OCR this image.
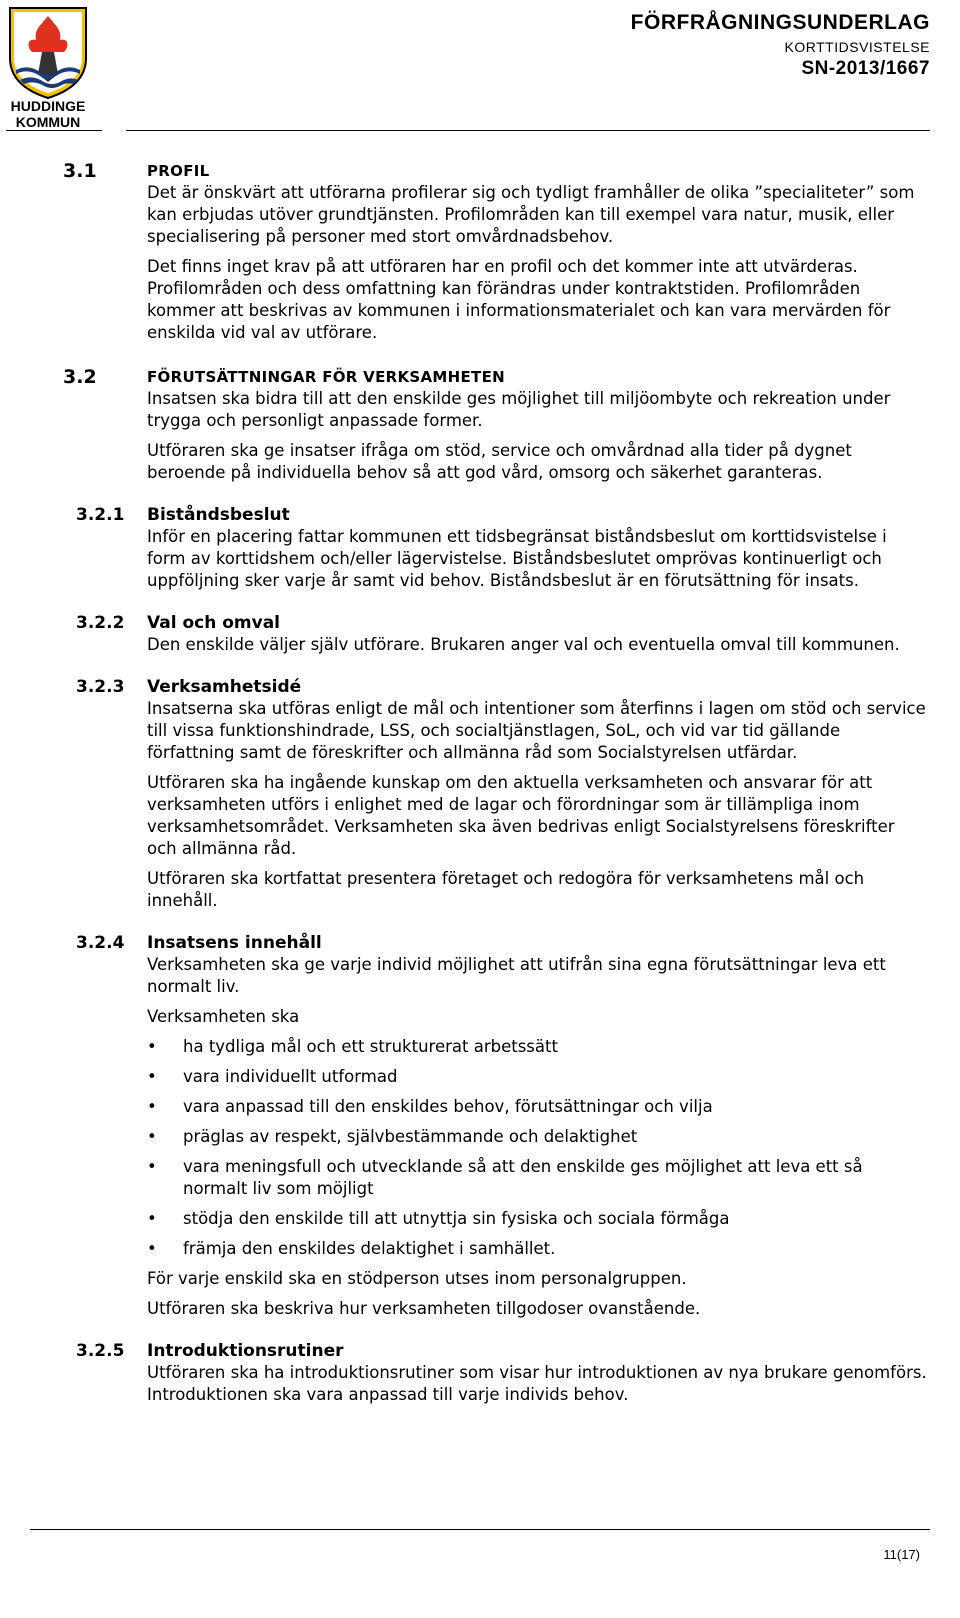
HUDDINGE
KOMMUN
FÖRFRÅGNINGSUNDERLAG
KORTTIDSVISTELSE
SN-2013/1667
3.1	PROFIL

Det är önskvärt att utförarna profilerar sig och tydligt framhåller de olika ”specialiteter” som kan erbjudas utöver grundtjänsten. Profilområden kan till exempel vara natur, musik, eller specialisering på personer med stort omvårdnadsbehov.

Det finns inget krav på att utföraren har en profil och det kommer inte att utvärderas. Profilområden och dess omfattning kan förändras under kontraktstiden. Profilområden kommer att beskrivas av kommunen i informationsmaterialet och kan vara mervärden för enskilda vid val av utförare.

3.2	FÖRUTSÄTTNINGAR FÖR VERKSAMHETEN

Insatsen ska bidra till att den enskilde ges möjlighet till miljöombyte och rekreation under trygga och personligt anpassade former.

Utföraren ska ge insatser ifråga om stöd, service och omvårdnad alla tider på dygnet beroende på individuella behov så att god vård, omsorg och säkerhet garanteras.

3.2.1 Biståndsbeslut

Inför en placering fattar kommunen ett tidsbegränsat biståndsbeslut om korttidsvistelse i form av korttidshem och/eller lägervistelse. Biståndsbeslutet omprövas kontinuerligt och uppföljning sker varje år samt vid behov. Biståndsbeslut är en förutsättning för insats.

3.2.2 Val och omval

Den enskilde väljer själv utförare. Brukaren anger val och eventuella omval till kommunen.

3.2.3 Verksamhetsidé

Insatserna ska utföras enligt de mål och intentioner som återfinns i lagen om stöd och service till vissa funktionshindrade, LSS, och socialtjänstlagen, SoL, och vid var tid gällande författning samt de föreskrifter och allmänna råd som Socialstyrelsen utfärdar.

Utföraren ska ha ingående kunskap om den aktuella verksamheten och ansvarar för att verksamheten utförs i enlighet med de lagar och förordningar som är tillämpliga inom verksamhetsområdet. Verksamheten ska även bedrivas enligt Socialstyrelsens föreskrifter och allmänna råd.

Utföraren ska kortfattat presentera företaget och redogöra för verksamhetens mål och innehåll.

3.2.4 Insatsens innehåll

Verksamheten ska ge varje individ möjlighet att utifrån sina egna förutsättningar leva ett normalt liv.

Verksamheten ska

• ha tydliga mål och ett strukturerat arbetssätt
• vara individuellt utformad
• vara anpassad till den enskildes behov, förutsättningar och vilja
• präglas av respekt, självbestämmande och delaktighet
• vara meningsfull och utvecklande så att den enskilde ges möjlighet att leva ett så normalt liv som möjligt
• stödja den enskilde till att utnyttja sin fysiska och sociala förmåga
• främja den enskildes delaktighet i samhället.

För varje enskild ska en stödperson utses inom personalgruppen.

Utföraren ska beskriva hur verksamheten tillgodoser ovanstående.

3.2.5 Introduktionsrutiner

Utföraren ska ha introduktionsrutiner som visar hur introduktionen av nya brukare genomförs. Introduktionen ska vara anpassad till varje individs behov.

11(17)
